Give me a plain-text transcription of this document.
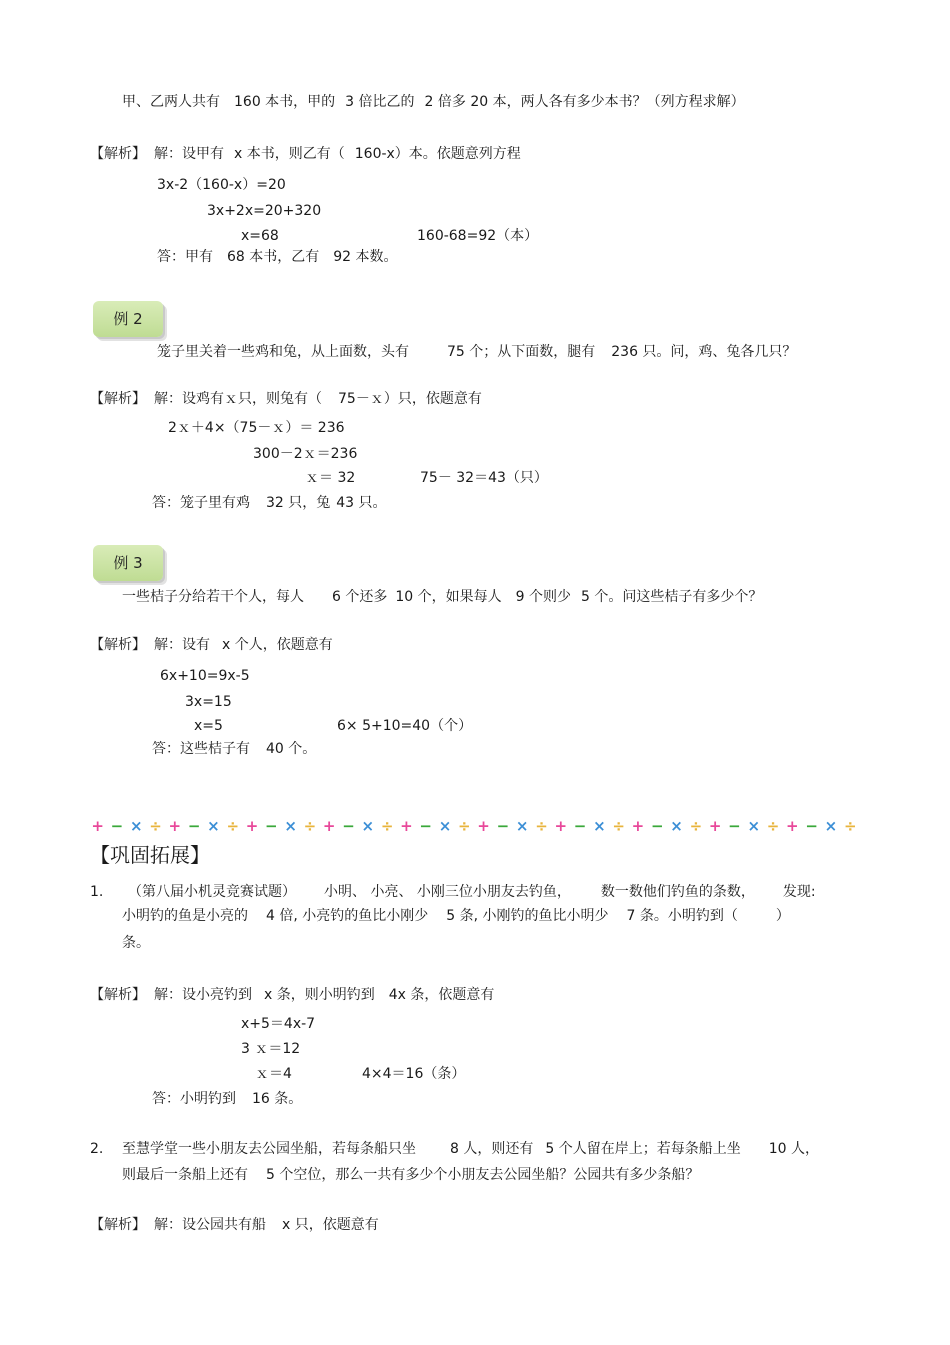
甲、乙两人共有 160 本书，甲的 3 倍比乙的 2 倍多 20 本，两人各有多少本书？（列方程求解）
【解析】 解：设甲有 x 本书，则乙有（ 160-x）本。依题意列方程
3x-2（160-x）=20
3x+2x=20+320
x=68	160-68=92（本）
答：甲有 68 本书，乙有 92 本数。
例 2
笼子里关着一些鸡和兔，从上面数，头有	75 个；从下面数，腿有 236 只。问，鸡、兔各几只？
【解析】 解：设鸡有ｘ只，则兔有（ 75－ｘ）只，依题意有
2ｘ＋4×（75－ｘ）＝ 236
300－2ｘ＝236
ｘ＝ 32	75－ 32＝43（只）
答：笼子里有鸡 32 只，兔 43 只。
例 3
一些桔子分给若干个人，每人 6 个还多 10 个，如果每人 9 个则少 5 个。问这些桔子有多少个？
【解析】 解：设有 x 个人，依题意有
6x+10=9x-5
3x=15
x=5	6× 5+10=40（个）
答：这些桔子有 40 个。
+ − × ÷ + − × ÷ + − × ÷ + − × ÷ + − × ÷ + − × ÷ + − × ÷ + − × ÷ + − × ÷ + − × ÷
【巩固拓展】
1. （第八届小机灵竞赛试题） 小明、 小亮、 小刚三位小朋友去钓鱼， 数一数他们钓鱼的条数， 发现:
小明钓的鱼是小亮的 4 倍, 小亮钓的鱼比小刚少 5 条, 小刚钓的鱼比小明少 7 条。小明钓到（	）
条。
【解析】 解：设小亮钓到 x 条，则小明钓到 4x 条，依题意有
x+5＝4x-7
3 ｘ＝12
ｘ＝4	4×4＝16（条）
答：小明钓到 16 条。
2. 至慧学堂一些小朋友去公园坐船，若每条船只坐 8 人，则还有 5 个人留在岸上；若每条船上坐 10 人，
则最后一条船上还有 5 个空位，那么一共有多少个小朋友去公园坐船？公园共有多少条船？
【解析】 解：设公园共有船 x 只，依题意有
